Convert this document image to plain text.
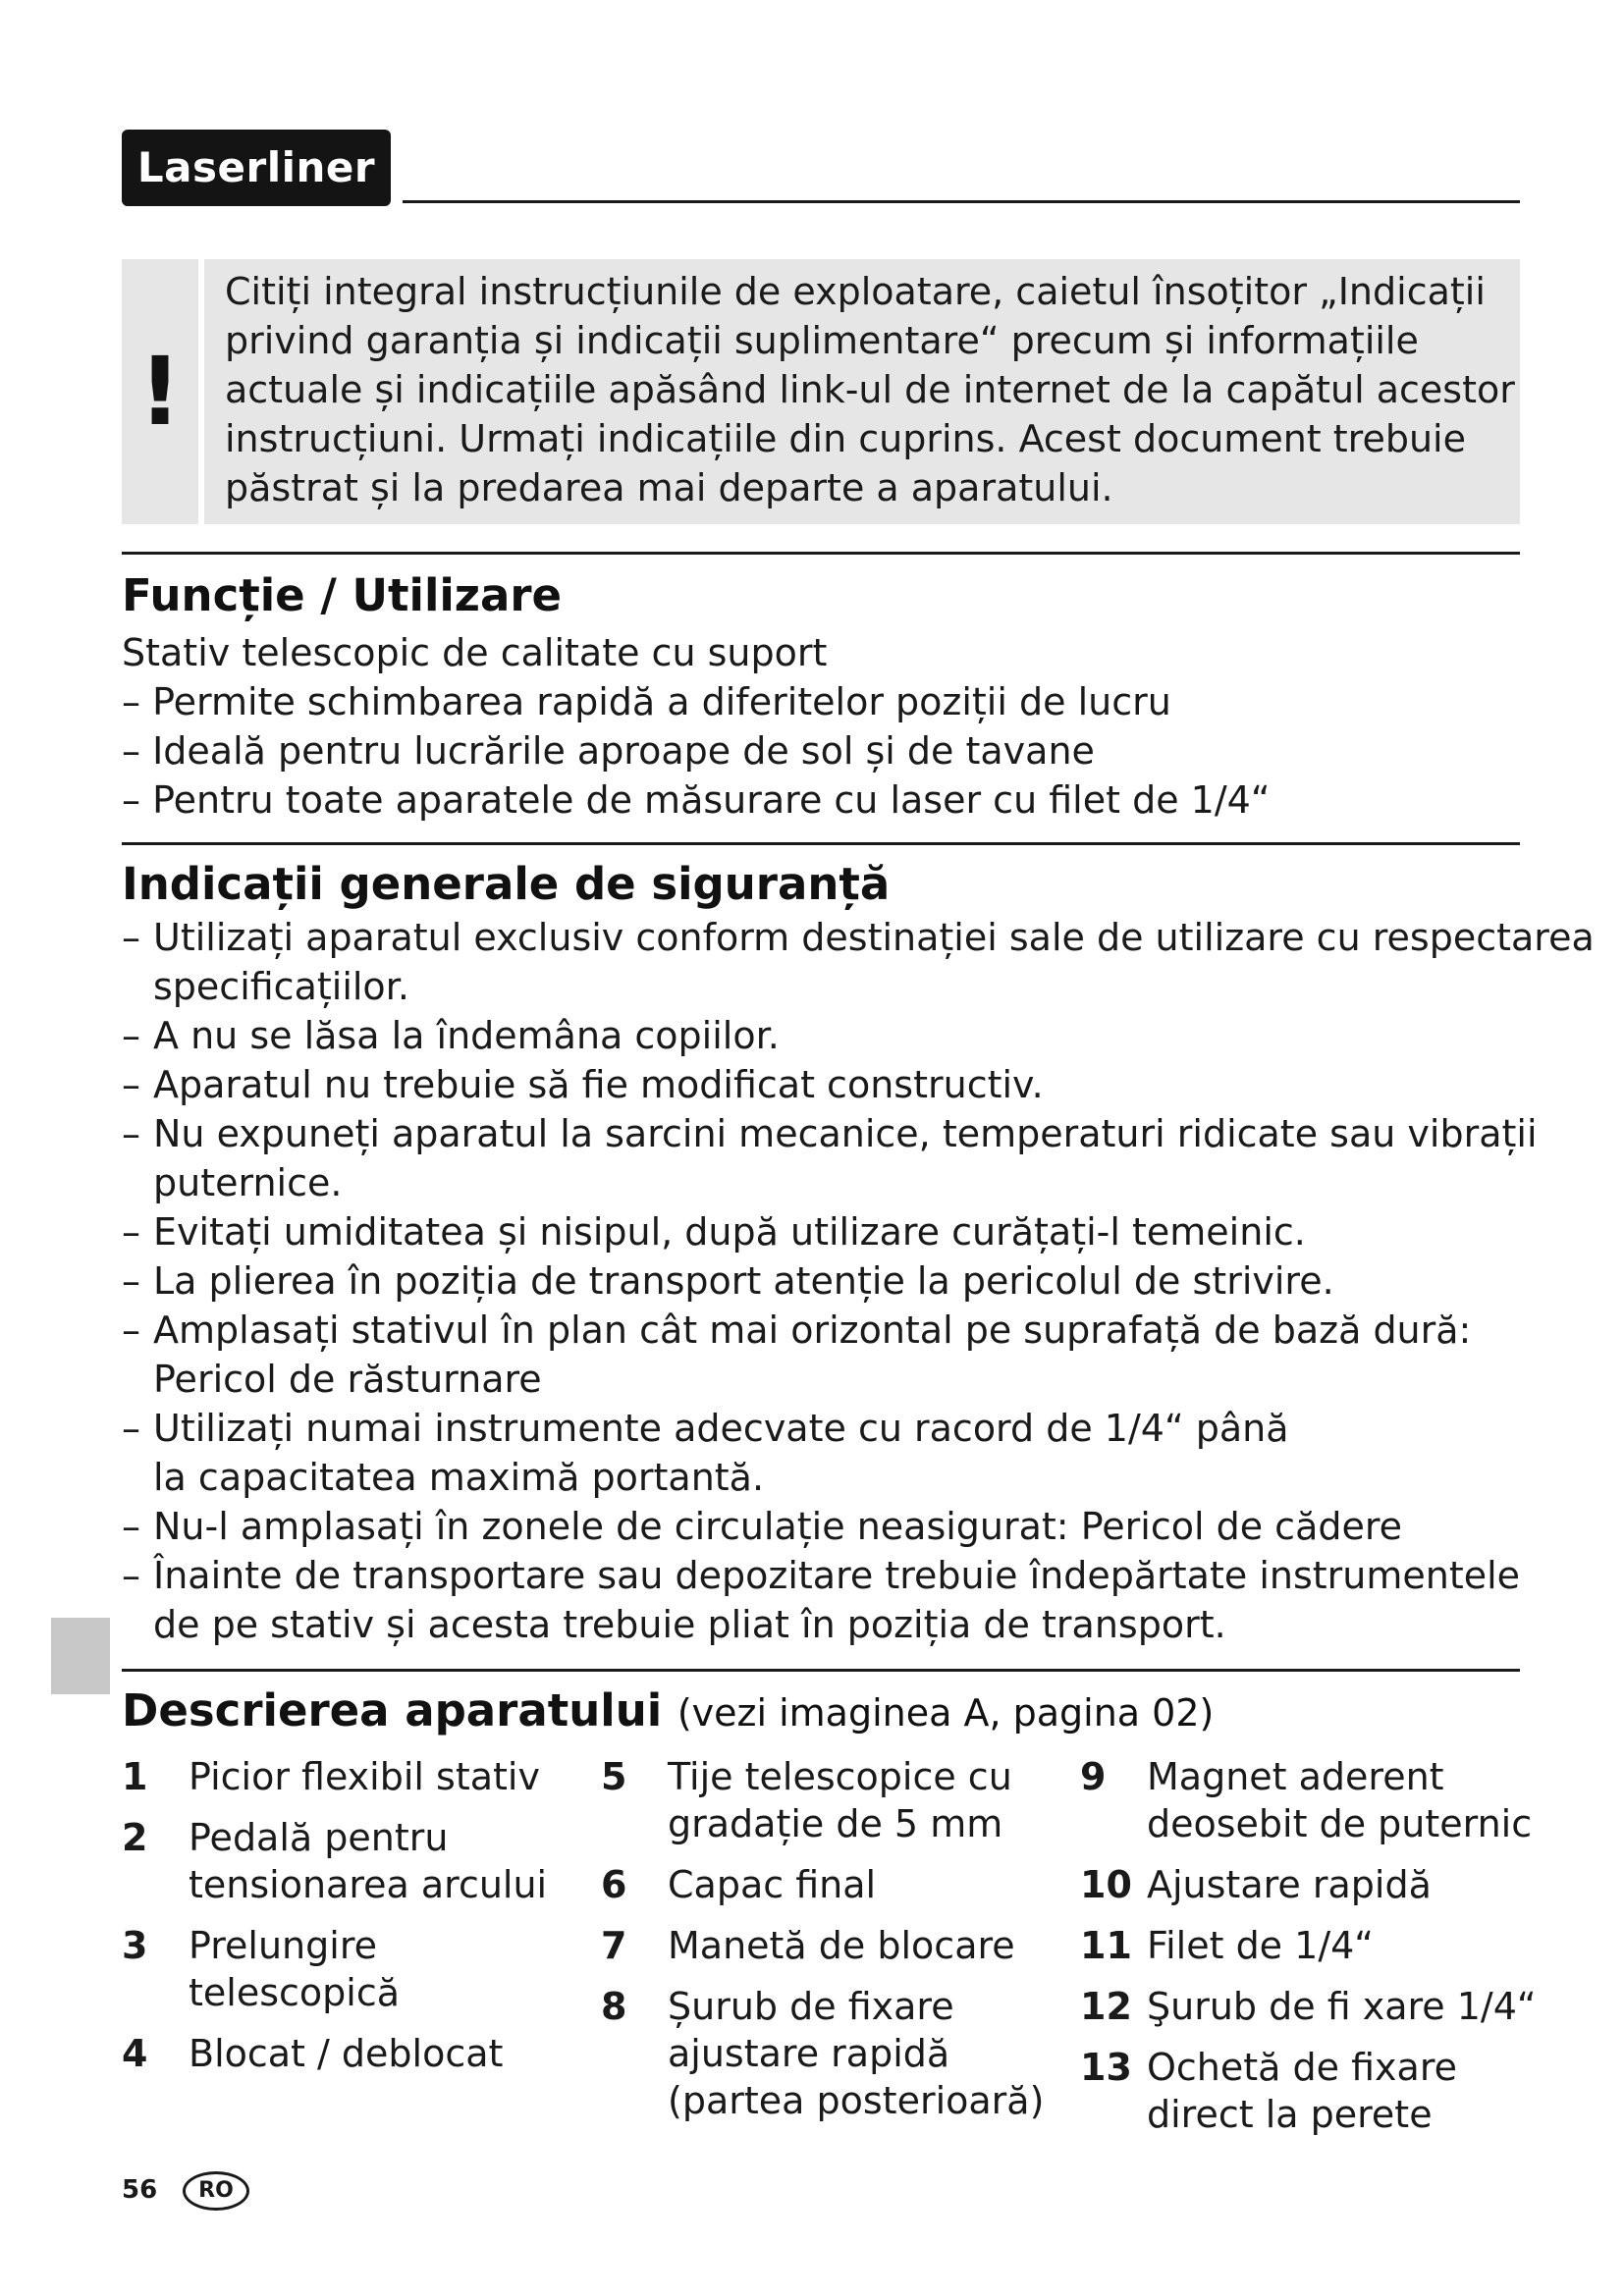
Laserliner
!
Citiți integral instrucțiunile de exploatare, caietul însoțitor „Indicații
privind garanția și indicații suplimentare“ precum și informațiile
actuale și indicațiile apăsând link-ul de internet de la capătul acestor
instrucțiuni. Urmați indicațiile din cuprins. Acest document trebuie
păstrat și la predarea mai departe a aparatului.
Funcție / Utilizare
Stativ telescopic de calitate cu suport
– Permite schimbarea rapidă a diferitelor poziții de lucru
– Ideală pentru lucrările aproape de sol și de tavane
– Pentru toate aparatele de măsurare cu laser cu filet de 1/4“
Indicații generale de siguranță
– Utilizați aparatul exclusiv conform destinației sale de utilizare cu respectarea
specificațiilor.
– A nu se lăsa la îndemâna copiilor.
– Aparatul nu trebuie să fie modificat constructiv.
– Nu expuneți aparatul la sarcini mecanice, temperaturi ridicate sau vibrații
puternice.
– Evitați umiditatea și nisipul, după utilizare curățați-l temeinic.
– La plierea în poziția de transport atenție la pericolul de strivire.
– Amplasați stativul în plan cât mai orizontal pe suprafață de bază dură:
Pericol de răsturnare
– Utilizați numai instrumente adecvate cu racord de 1/4“ până
la capacitatea maximă portantă.
– Nu-l amplasați în zonele de circulație neasigurat: Pericol de cădere
– Înainte de transportare sau depozitare trebuie îndepărtate instrumentele
de pe stativ și acesta trebuie pliat în poziția de transport.
Descrierea aparatului (vezi imaginea A, pagina 02)
1 Picior flexibil stativ
2 Pedală pentru
tensionarea arcului
3 Prelungire
telescopică
4 Blocat / deblocat
5 Tije telescopice cu
gradație de 5 mm
6 Capac final
7 Manetă de blocare
8 Șurub de fixare
ajustare rapidă
(partea posterioară)
9 Magnet aderent
deosebit de puternic
10 Ajustare rapidă
11 Filet de 1/4“
12 Şurub de fi xare 1/4“
13 Ochetă de fixare
direct la perete
56	RO
